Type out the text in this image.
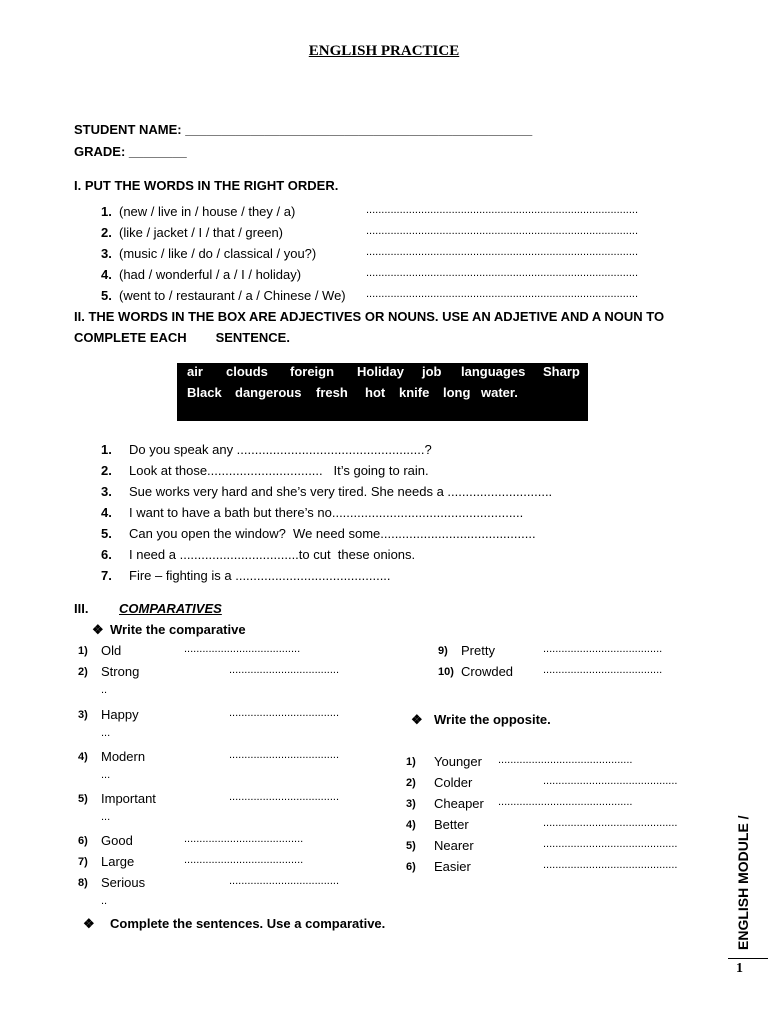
ENGLISH PRACTICE
STUDENT NAME: ________________________________________________
GRADE: ________
I. PUT THE WORDS IN THE RIGHT ORDER.
1. (new / live in / house / they / a)	.........................................................................................
2. (like / jacket / I / that / green)	.........................................................................................
3. (music / like / do / classical / you?)	.........................................................................................
4. (had / wonderful / a / I / holiday)	.........................................................................................
5. (went to / restaurant / a / Chinese / We) .........................................................................................
II. THE WORDS IN THE BOX ARE ADJECTIVES OR NOUNS. USE AN ADJETIVE AND A NOUN TO
COMPLETE EACH        SENTENCE.
air clouds foreign Holiday job languages Sharp
Black dangerous fresh hot knife long water.
1. Do you speak any ....................................................?
2. Look at those................................   It’s going to rain.
3. Sue works very hard and she’s very tired. She needs a .............................
4. I want to have a bath but there’s no.....................................................
5. Can you open the window?  We need some...........................................
6. I need a .................................to cut  these onions.
7. Fire – fighting is a ...........................................
III. COMPARATIVES
❖ Write the comparative
1) Old	......................................
2) Strong	....................................
..
3) Happy	....................................
...
4) Modern	....................................
...
5) Important	....................................
...
6) Good	.......................................
7) Large	.......................................
8) Serious	....................................
..
9) Pretty	.......................................
10) Crowded	.......................................
❖ Write the opposite.
1) Younger ............................................
2) Colder	............................................
3) Cheaper ............................................
4) Better	............................................
5) Nearer	............................................
6) Easier	............................................
❖ Complete the sentences. Use a comparative.	ENGLISH MODULE /
1
